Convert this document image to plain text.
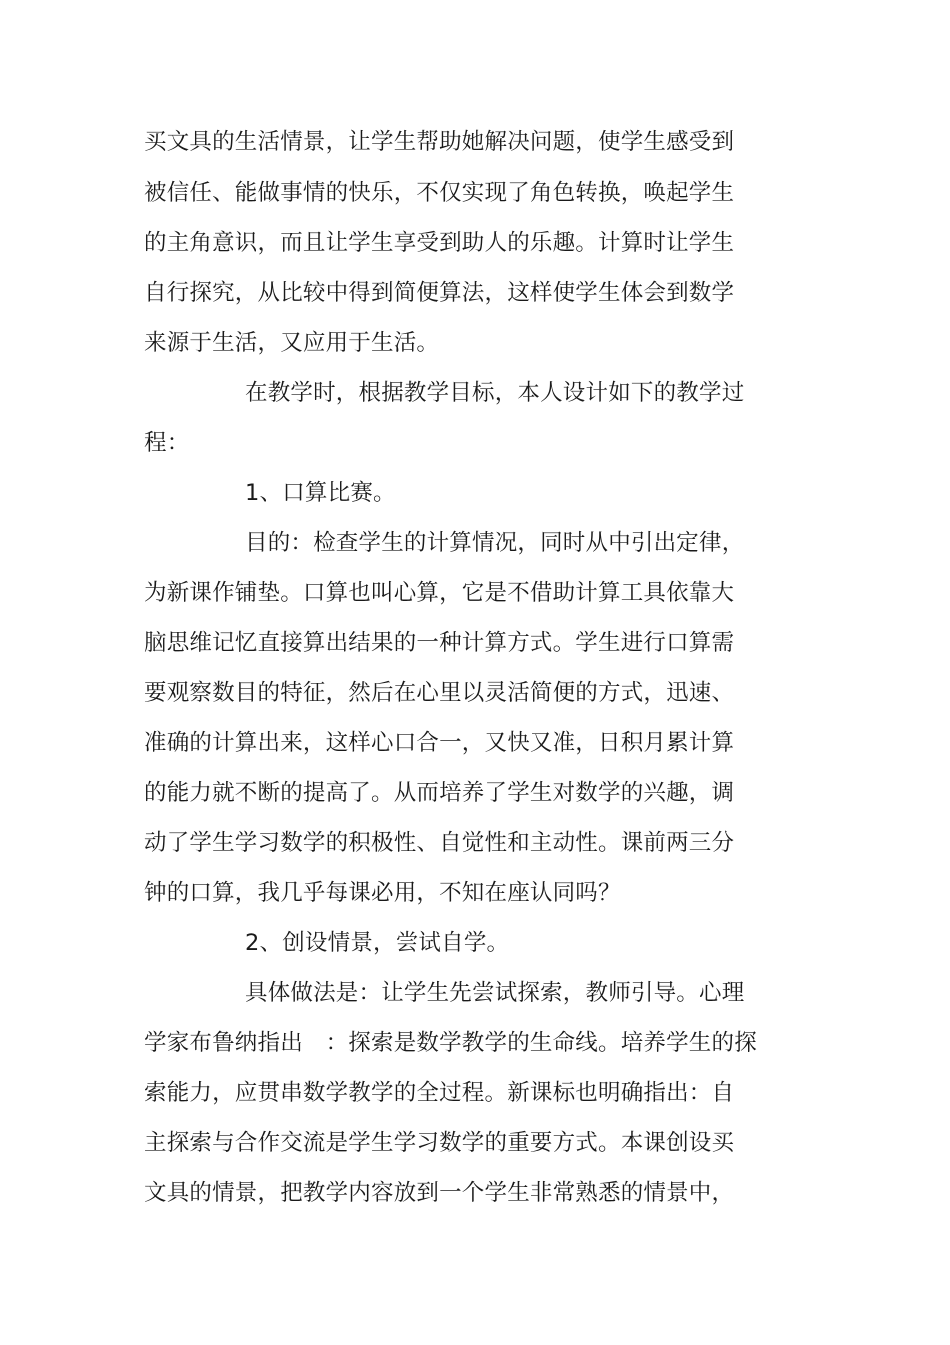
买文具的生活情景，让学生帮助她解决问题，使学生感受到
被信任、能做事情的快乐，不仅实现了角色转换，唤起学生
的主角意识，而且让学生享受到助人的乐趣。计算时让学生
自行探究，从比较中得到简便算法，这样使学生体会到数学
来源于生活，又应用于生活。
在教学时，根据教学目标，本人设计如下的教学过
程：
1、口算比赛。
目的：检查学生的计算情况，同时从中引出定律，
为新课作铺垫。口算也叫心算，它是不借助计算工具依靠大
脑思维记忆直接算出结果的一种计算方式。学生进行口算需
要观察数目的特征，然后在心里以灵活简便的方式，迅速、
准确的计算出来，这样心口合一，又快又准，日积月累计算
的能力就不断的提高了。从而培养了学生对数学的兴趣，调
动了学生学习数学的积极性、自觉性和主动性。课前两三分
钟的口算，我几乎每课必用，不知在座认同吗？
2、创设情景，尝试自学。
具体做法是：让学生先尝试探索，教师引导。心理
学家布鲁纳指出　：探索是数学教学的生命线。培养学生的探
索能力，应贯串数学教学的全过程。新课标也明确指出：自
主探索与合作交流是学生学习数学的重要方式。本课创设买
文具的情景，把教学内容放到一个学生非常熟悉的情景中，
